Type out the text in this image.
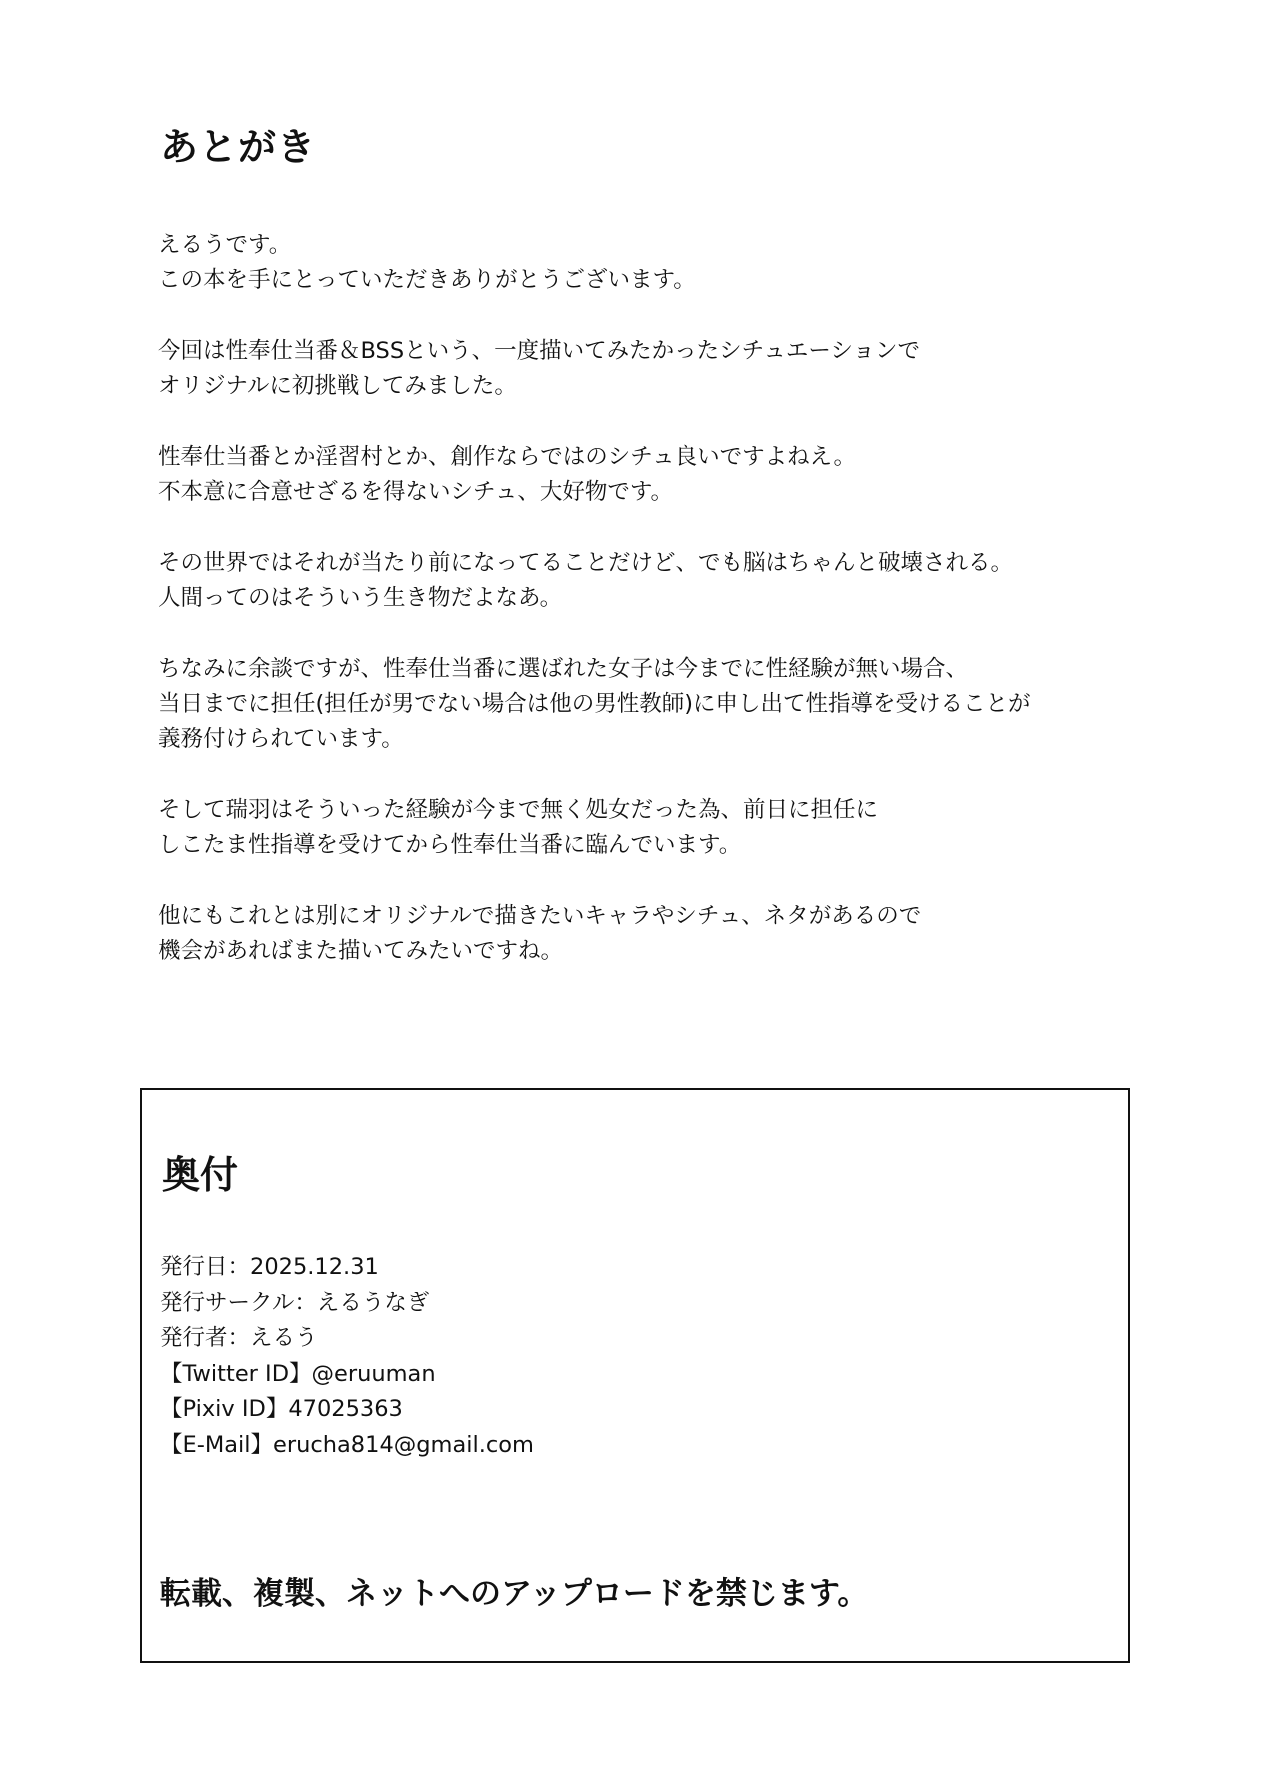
あとがき
えるうです。
この本を手にとっていただきありがとうございます。
今回は性奉仕当番＆BSSという、一度描いてみたかったシチュエーションで
オリジナルに初挑戦してみました。
性奉仕当番とか淫習村とか、創作ならではのシチュ良いですよねえ。
不本意に合意せざるを得ないシチュ、大好物です。
その世界ではそれが当たり前になってることだけど、でも脳はちゃんと破壊される。
人間ってのはそういう生き物だよなあ。
ちなみに余談ですが、性奉仕当番に選ばれた女子は今までに性経験が無い場合、
当日までに担任(担任が男でない場合は他の男性教師)に申し出て性指導を受けることが
義務付けられています。
そして瑞羽はそういった経験が今まで無く処女だった為、前日に担任に
しこたま性指導を受けてから性奉仕当番に臨んでいます。
他にもこれとは別にオリジナルで描きたいキャラやシチュ、ネタがあるので
機会があればまた描いてみたいですね。
奥付
発行日：2025.12.31
発行サークル：えるうなぎ
発行者：えるう
【Twitter ID】@eruuman
【Pixiv ID】47025363
【E-Mail】erucha814@gmail.com

転載、複製、ネットへのアップロードを禁じます。
